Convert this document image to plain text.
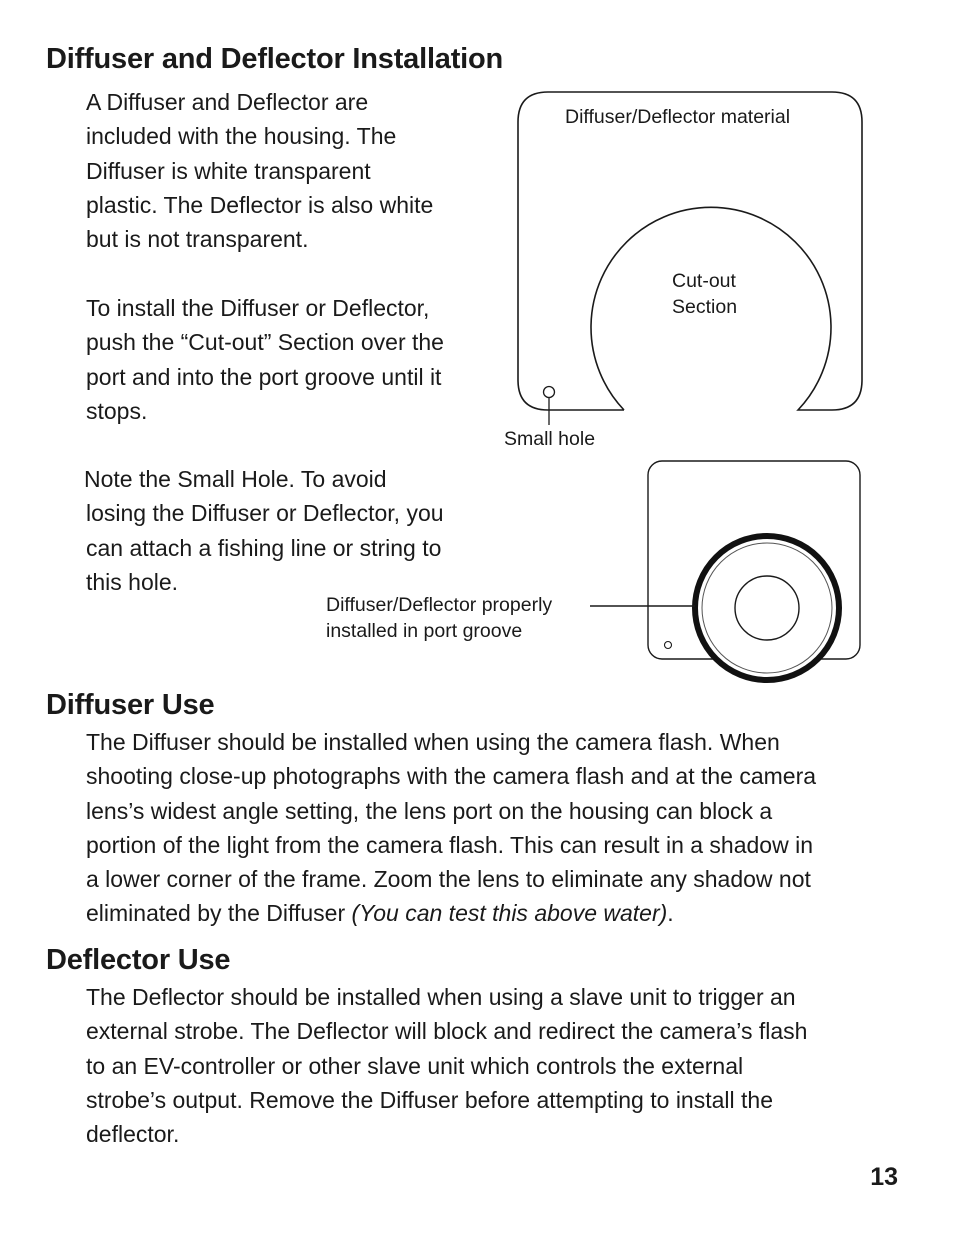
Diffuser and Deflector Installation
A Diffuser and Deflector are
included with the housing. The
Diffuser is white transparent
plastic. The Deflector is also white
but is not transparent.
To install the Diffuser or Deflector,
push the “Cut-out” Section over the
port and into the port groove until it
stops.
Note the Small Hole. To avoid
losing the Diffuser or Deflector, you
can attach a fishing line or string to
this hole.
Diffuser/Deflector material
Cut-out
Section
Small hole
Diffuser/Deflector properly
installed in port groove
Diffuser Use
The Diffuser should be installed when using the camera flash. When
shooting close-up photographs with the camera flash and at the camera
lens’s widest angle setting, the lens port on the housing can block a
portion of the light from the camera flash. This can result in a shadow in
a lower corner of the frame. Zoom the lens to eliminate any shadow not
eliminated by the Diffuser (You can test this above water).
Deflector Use
The Deflector should be installed when using a slave unit to trigger an
external strobe. The Deflector will block and redirect the camera’s flash
to an EV-controller or other slave unit which controls the external
strobe’s output. Remove the Diffuser before attempting to install the
deflector.
13
